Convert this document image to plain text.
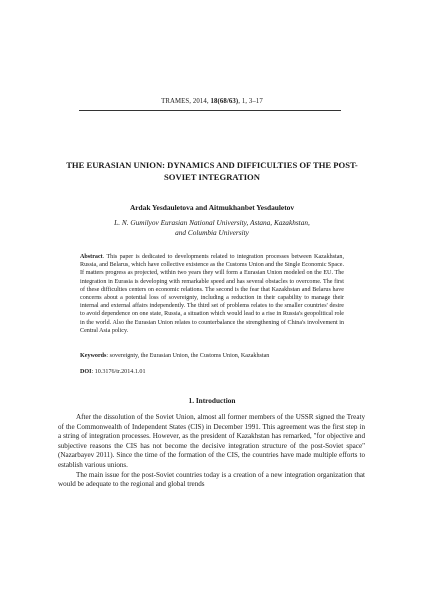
TRAMES, 2014, 18(68/63), 1, 3–17
THE EURASIAN UNION: DYNAMICS AND DIFFICULTIES OF THE POST-SOVIET INTEGRATION
Ardak Yesdauletova and Aitmukhanbet Yesdauletov
L. N. Gumilyov Eurasian National University, Astana, Kazakhstan,
and Columbia University
Abstract. This paper is dedicated to developments related to integration processes between Kazakhstan, Russia, and Belarus, which have collective existence as the Customs Union and the Single Economic Space. If matters progress as projected, within two years they will form a Eurasian Union modeled on the EU. The integration in Eurasia is developing with remarkable speed and has several obstacles to overcome. The first of these difficulties centers on economic relations. The second is the fear that Kazakhstan and Belarus have concerns about a potential loss of sovereignty, including a reduction in their capability to manage their internal and external affairs independently. The third set of problems relates to the smaller countries' desire to avoid dependence on one state, Russia, a situation which would lead to a rise in Russia's geopolitical role in the world. Also the Eurasian Union relates to counterbalance the strengthening of China's involvement in Central Asia policy.
Keywords: sovereignty, the Eurasian Union, the Customs Union, Kazakhstan
DOI: 10.3176/tr.2014.1.01
1. Introduction

After the dissolution of the Soviet Union, almost all former members of the USSR signed the Treaty of the Commonwealth of Independent States (CIS) in December 1991. This agreement was the first step in a string of integration processes. However, as the president of Kazakhstan has remarked, "for objective and subjective reasons the CIS has not become the decisive integration structure of the post-Soviet space" (Nazarbayev 2011). Since the time of the formation of the CIS, the countries have made multiple efforts to establish various unions.

The main issue for the post-Soviet countries today is a creation of a new integration organization that would be adequate to the regional and global trends
